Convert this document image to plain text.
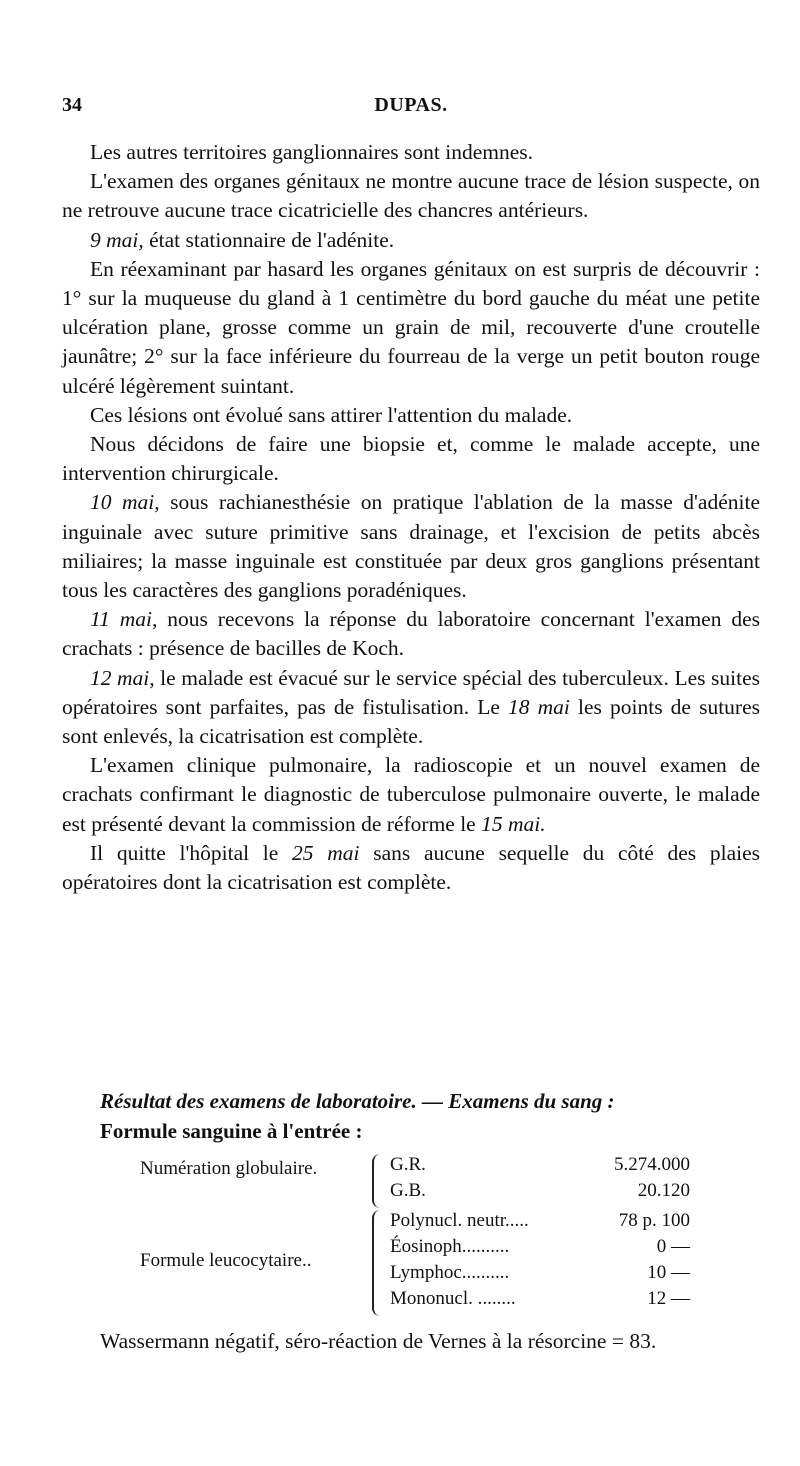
34	DUPAS.

Les autres territoires ganglionnaires sont indemnes.

L'examen des organes génitaux ne montre aucune trace de lésion suspecte, on ne retrouve aucune trace cicatricielle des chancres antérieurs.

9 mai, état stationnaire de l'adénite.

En réexaminant par hasard les organes génitaux on est surpris de découvrir : 1° sur la muqueuse du gland à 1 centimètre du bord gauche du méat une petite ulcération plane, grosse comme un grain de mil, recouverte d'une croutelle jaunâtre; 2° sur la face inférieure du fourreau de la verge un petit bouton rouge ulcéré légèrement suintant.

Ces lésions ont évolué sans attirer l'attention du malade.

Nous décidons de faire une biopsie et, comme le malade accepte, une intervention chirurgicale.

10 mai, sous rachianesthésie on pratique l'ablation de la masse d'adénite inguinale avec suture primitive sans drainage, et l'excision de petits abcès miliaires; la masse inguinale est constituée par deux gros ganglions présentant tous les caractères des ganglions poradéniques.

11 mai, nous recevons la réponse du laboratoire concernant l'examen des crachats : présence de bacilles de Koch.

12 mai, le malade est évacué sur le service spécial des tuberculeux. Les suites opératoires sont parfaites, pas de fistulisation. Le 18 mai les points de sutures sont enlevés, la cicatrisation est complète.

L'examen clinique pulmonaire, la radioscopie et un nouvel examen de crachats confirmant le diagnostic de tuberculose pulmonaire ouverte, le malade est présenté devant la commission de réforme le 15 mai.

Il quitte l'hôpital le 25 mai sans aucune sequelle du côté des plaies opératoires dont la cicatrisation est complète.

Résultat des examens de laboratoire. — Examens du sang :
Formule sanguine à l'entrée :
Numération globulaire.	G.R.	5.274.000
G.B.	20.120
Formule leucocytaire..
Polynucl. neutr.....	78 p. 100
Éosinoph..........	0 —
Lymphoc..........	10 —
Mononucl. ........	12 —
Wassermann négatif, séro-réaction de Vernes à la résorcine = 83.
